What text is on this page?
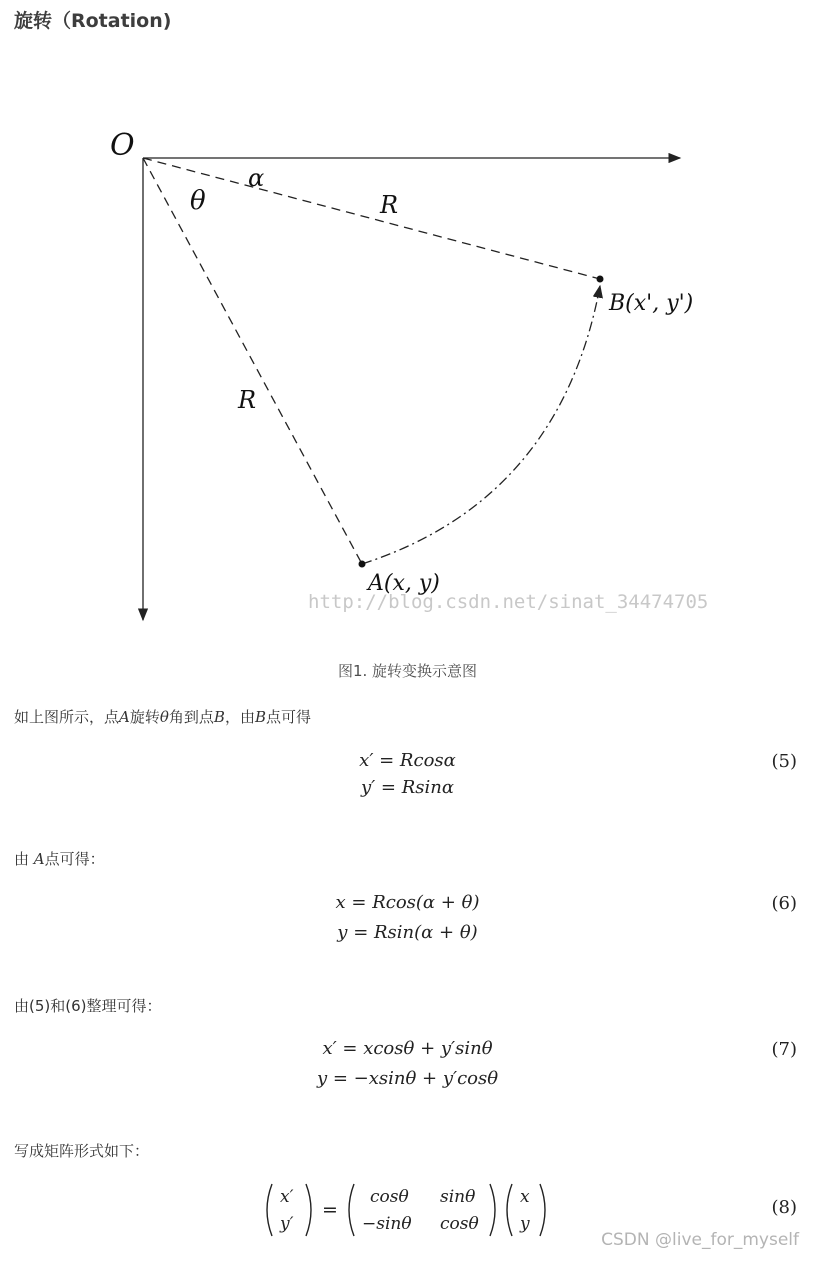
旋转（Rotation)
O
α
θ	R
R
B(x', y')
A(x, y)
http://blog.csdn.net/sinat_34474705
图1. 旋转变换示意图
如上图所示，点A旋转θ角到点B，由B点可得
x′ = Rcosα
y′ = Rsinα
(5)
由 A点可得：
x = Rcos(α + θ)
y = Rsin(α + θ)
(6)
由(5)和(6)整理可得：
x′ = xcosθ + y′sinθ
y = −xsinθ + y′cosθ
(7)
写成矩阵形式如下：
x′
y′
=
cosθ sinθ
−sinθ cosθ
x
y
(8)
CSDN @live_for_myself
